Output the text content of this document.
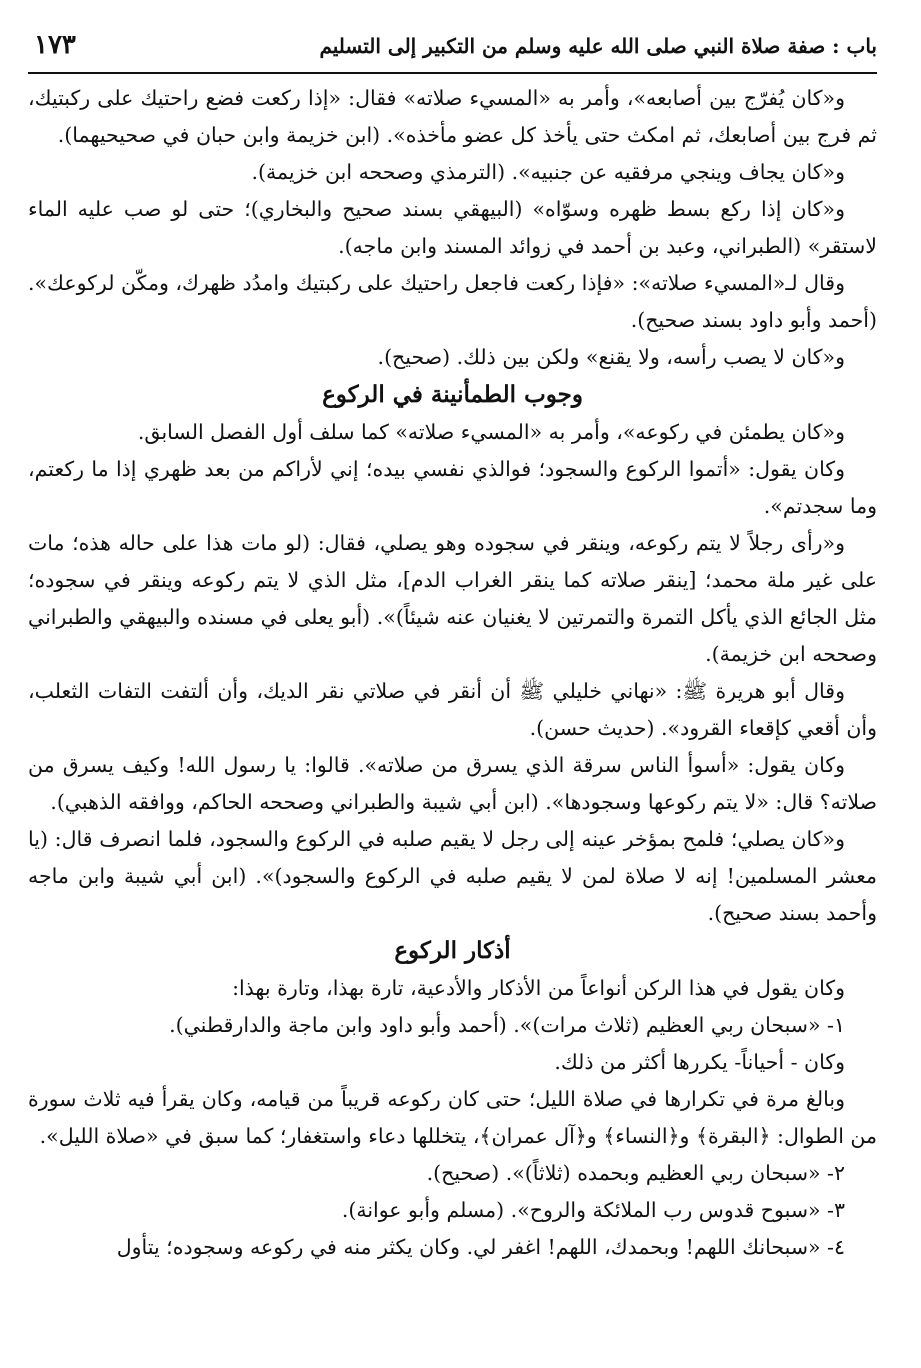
باب : صفة صلاة النبي صلى الله عليه وسلم من التكبير إلى التسليم
١٧٣

و«كان يُفرّج بين أصابعه»، وأمر به «المسيء صلاته» فقال: «إذا ركعت فضع راحتيك على ركبتيك، ثم فرج بين أصابعك، ثم امكث حتى يأخذ كل عضو مأخذه». (ابن خزيمة وابن حبان في صحيحيهما).

و«كان يجاف وينجي مرفقيه عن جنبيه». (الترمذي وصححه ابن خزيمة).

و«كان إذا ركع بسط ظهره وسوّاه» (البيهقي بسند صحيح والبخاري)؛ حتى لو صب عليه الماء لاستقر» (الطبراني، وعبد بن أحمد في زوائد المسند وابن ماجه).

وقال لـ«المسيء صلاته»: «فإذا ركعت فاجعل راحتيك على ركبتيك وامدُد ظهرك، ومكّن لركوعك». (أحمد وأبو داود بسند صحيح).

و«كان لا يصب رأسه، ولا يقنع» ولكن بين ذلك. (صحيح).

وجوب الطمأنينة في الركوع

و«كان يطمئن في ركوعه»، وأمر به «المسيء صلاته» كما سلف أول الفصل السابق.

وكان يقول: «أتموا الركوع والسجود؛ فوالذي نفسي بيده؛ إني لأراكم من بعد ظهري إذا ما ركعتم، وما سجدتم».

و«رأى رجلاً لا يتم ركوعه، وينقر في سجوده وهو يصلي، فقال: (لو مات هذا على حاله هذه؛ مات على غير ملة محمد؛ [ينقر صلاته كما ينقر الغراب الدم]، مثل الذي لا يتم ركوعه وينقر في سجوده؛ مثل الجائع الذي يأكل التمرة والتمرتين لا يغنيان عنه شيئاً)». (أبو يعلى في مسنده والبيهقي والطبراني وصححه ابن خزيمة).

وقال أبو هريرة ﷺ: «نهاني خليلي ﷺ أن أنقر في صلاتي نقر الديك، وأن ألتفت التفات الثعلب، وأن أقعي كإقعاء القرود». (حديث حسن).

وكان يقول: «أسوأ الناس سرقة الذي يسرق من صلاته». قالوا: يا رسول الله! وكيف يسرق من صلاته؟ قال: «لا يتم ركوعها وسجودها». (ابن أبي شيبة والطبراني وصححه الحاكم، ووافقه الذهبي).

و«كان يصلي؛ فلمح بمؤخر عينه إلى رجل لا يقيم صلبه في الركوع والسجود، فلما انصرف قال: (يا معشر المسلمين! إنه لا صلاة لمن لا يقيم صلبه في الركوع والسجود)». (ابن أبي شيبة وابن ماجه وأحمد بسند صحيح).

أذكار الركوع

وكان يقول في هذا الركن أنواعاً من الأذكار والأدعية، تارة بهذا، وتارة بهذا:

١- «سبحان ربي العظيم (ثلاث مرات)». (أحمد وأبو داود وابن ماجة والدارقطني).

وكان - أحياناً- يكررها أكثر من ذلك.

وبالغ مرة في تكرارها في صلاة الليل؛ حتى كان ركوعه قريباً من قيامه، وكان يقرأ فيه ثلاث سورة من الطوال: ﴿البقرة﴾ و﴿النساء﴾ و﴿آل عمران﴾، يتخللها دعاء واستغفار؛ كما سبق في «صلاة الليل».

٢- «سبحان ربي العظيم وبحمده (ثلاثاً)». (صحيح).

٣- «سبوح قدوس رب الملائكة والروح». (مسلم وأبو عوانة).

٤- «سبحانك اللهم! وبحمدك، اللهم! اغفر لي. وكان يكثر منه في ركوعه وسجوده؛ يتأول
